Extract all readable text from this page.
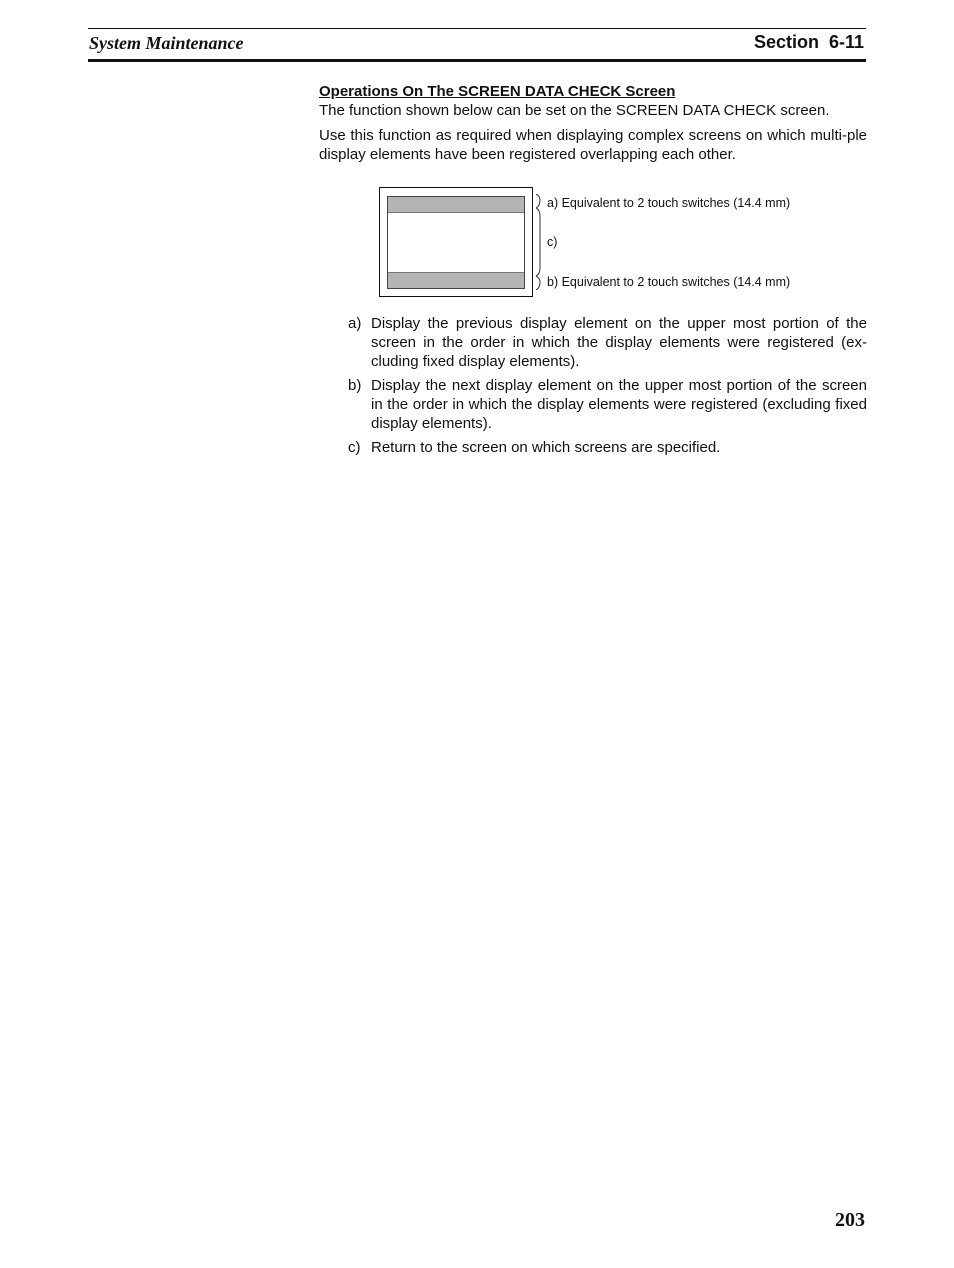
System Maintenance	Section 6-11
Operations On The SCREEN DATA CHECK Screen

The function shown below can be set on the SCREEN DATA CHECK screen.

Use this function as required when displaying complex screens on which multi-ple display elements have been registered overlapping each other.

a) Equivalent to 2 touch switches (14.4 mm)
c)
b) Equivalent to 2 touch switches (14.4 mm)
a) Display the previous display element on the upper most portion of the screen in the order in which the display elements were registered (ex-cluding fixed display elements).
b) Display the next display element on the upper most portion of the screen in the order in which the display elements were registered (excluding fixed display elements).
c) Return to the screen on which screens are specified.
203
